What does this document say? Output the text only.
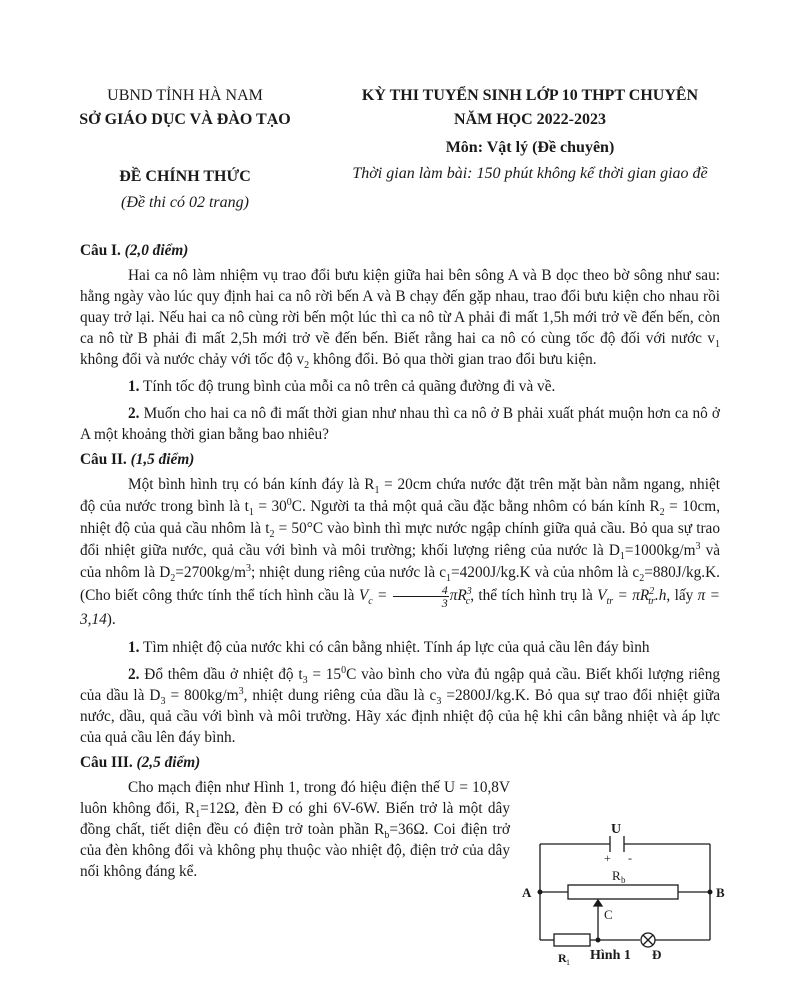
UBND TỈNH HÀ NAM
SỞ GIÁO DỤC VÀ ĐÀO TẠO
KỲ THI TUYỂN SINH LỚP 10 THPT CHUYÊN
NĂM HỌC 2022-2023
Môn: Vật lý (Đề chuyên)
Thời gian làm bài: 150 phút không kể thời gian giao đề
ĐỀ CHÍNH THỨC
(Đề thi có 02 trang)

Câu I. (2,0 điểm)

Hai ca nô làm nhiệm vụ trao đổi bưu kiện giữa hai bên sông A và B dọc theo bờ sông như sau: hằng ngày vào lúc quy định hai ca nô rời bến A và B chạy đến gặp nhau, trao đổi bưu kiện cho nhau rồi quay trở lại. Nếu hai ca nô cùng rời bến một lúc thì ca nô từ A phải đi mất 1,5h mới trở về đến bến, còn ca nô từ B phải đi mất 2,5h mới trở về đến bến. Biết rằng hai ca nô có cùng tốc độ đối với nước $v_1$ không đổi và nước chảy với tốc độ $v_2$ không đổi. Bỏ qua thời gian trao đổi bưu kiện.

1. Tính tốc độ trung bình của mỗi ca nô trên cả quãng đường đi và về.

2. Muốn cho hai ca nô đi mất thời gian như nhau thì ca nô ở B phải xuất phát muộn hơn ca nô ở A một khoảng thời gian bằng bao nhiêu?

Câu II. (1,5 điểm)

Một bình hình trụ có bán kính đáy là $R_1 = 20cm$ chứa nước đặt trên mặt bàn nằm ngang, nhiệt độ của nước trong bình là $t_1 = 30^0C$. Người ta thả một quả cầu đặc bằng nhôm có bán kính $R_2 = 10cm$, nhiệt độ của quả cầu nhôm là $t_2 = 50^\circ C$ vào bình thì mực nước ngập chính giữa quả cầu. Bỏ qua sự trao đổi nhiệt giữa nước, quả cầu với bình và môi trường; khối lượng riêng của nước là $D_1=1000kg/m^3$ và của nhôm là $D_2=2700kg/m^3$; nhiệt dung riêng của nước là $c_1=4200J/kg.K$ và của nhôm là $c_2=880J/kg.K$. (Cho biết công thức tính thể tích hình cầu là $V_c = \frac{4}{3} \pi R^3_c$, thể tích hình trụ là $V_{tr} = \pi R^2_{tr}.h$, lấy π = 3,14).

1. Tìm nhiệt độ của nước khi có cân bằng nhiệt. Tính áp lực của quả cầu lên đáy bình

2. Đổ thêm dầu ở nhiệt độ $t_3 = 15^0C$ vào bình cho vừa đủ ngập quả cầu. Biết khối lượng riêng của dầu là $D_3 = 800kg/m^3$, nhiệt dung riêng của dầu là $c_3 =2800J/kg.K$. Bỏ qua sự trao đổi nhiệt giữa nước, dầu, quả cầu với bình và môi trường. Hãy xác định nhiệt độ của hệ khi cân bằng nhiệt và áp lực của quả cầu lên đáy bình.

Câu III. (2,5 điểm)

Cho mạch điện như Hình 1, trong đó hiệu điện thế U = 10,8V luôn không đổi, $R_1=12\Omega$, đèn Đ có ghi 6V-6W. Biến trở là một dây đồng chất, tiết diện đều có điện trở toàn phần $R_b=36\Omega$. Coi điện trở của đèn không đổi và không phụ thuộc vào nhiệt độ, điện trở của dây nối không đáng kể.

U
+ -
A	B
R b
C
R 1 Hình 1 Đ
